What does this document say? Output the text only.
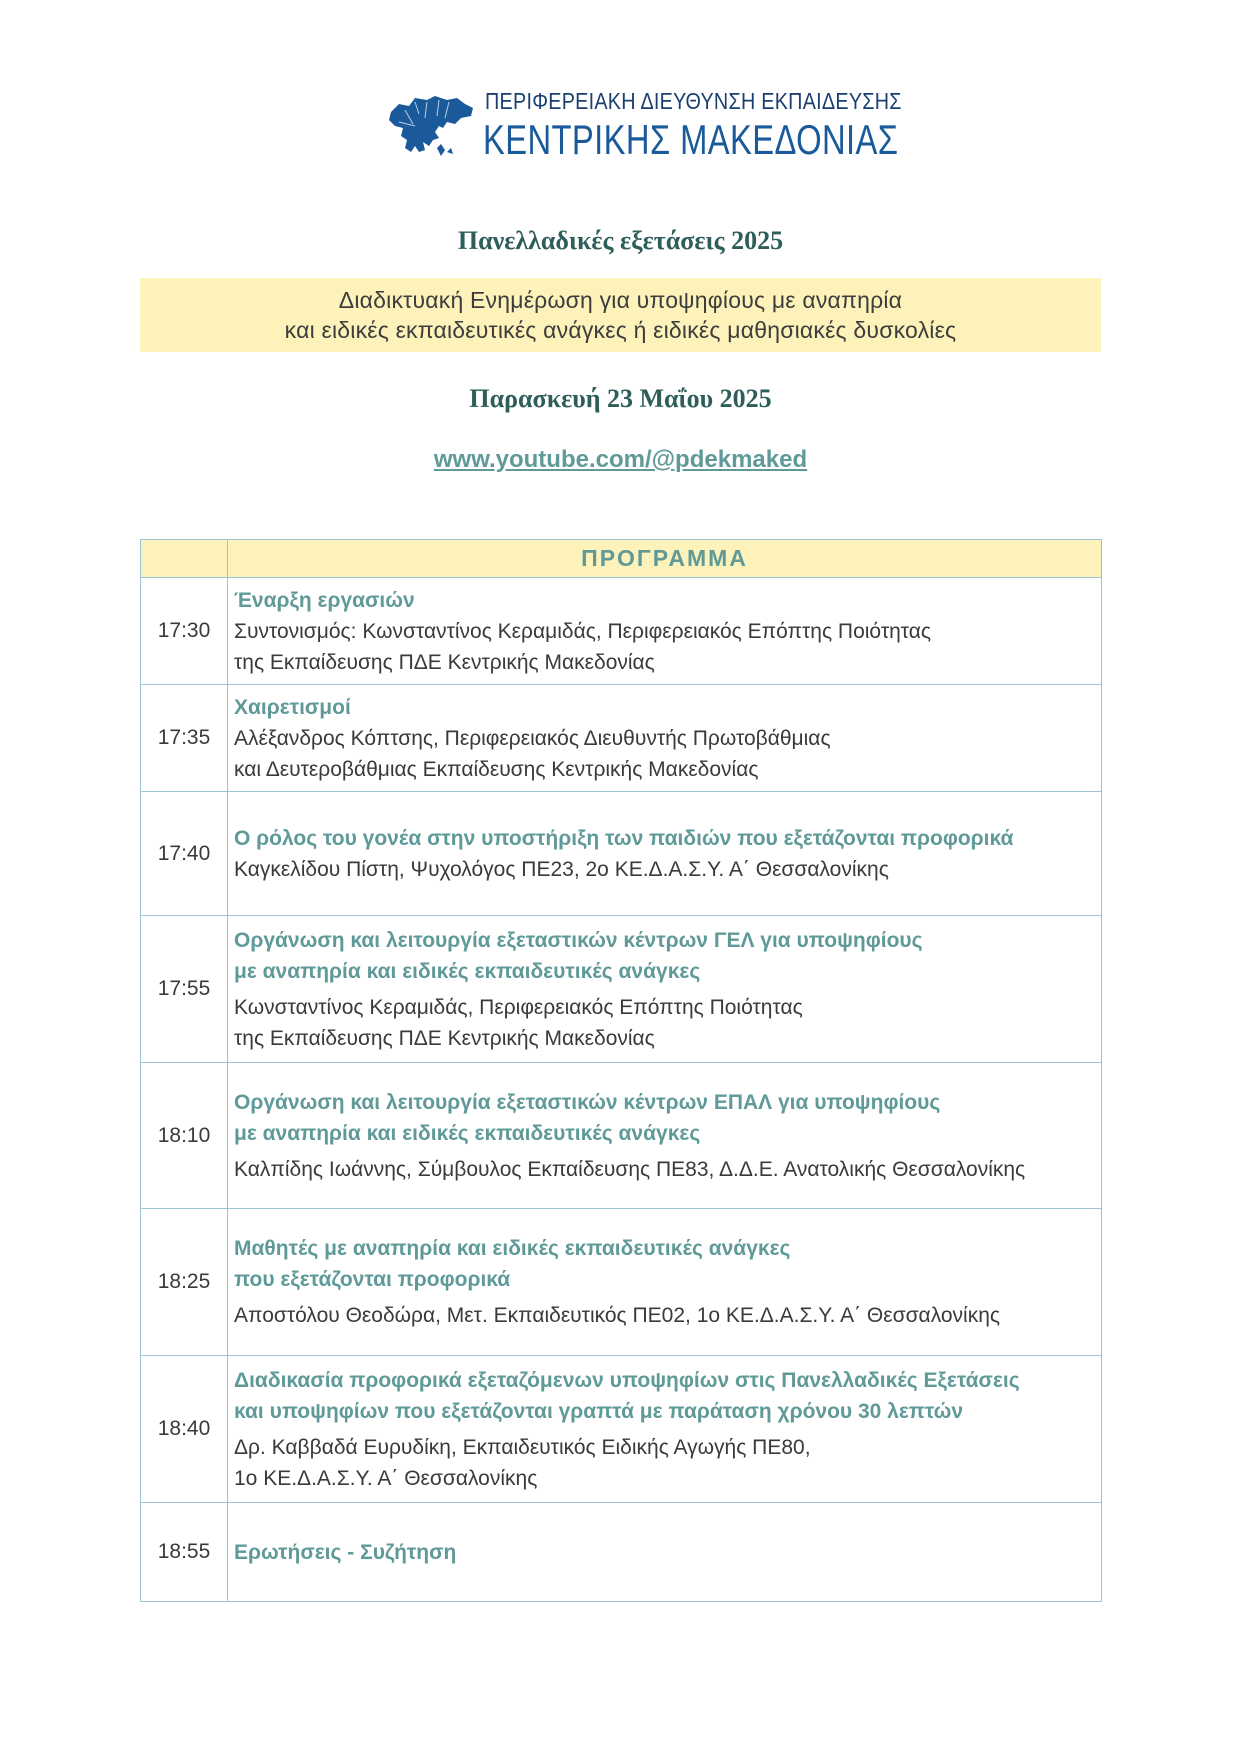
ΠΕΡΙΦΕΡΕΙΑΚΗ ΔΙΕΥΘΥΝΣΗ ΕΚΠΑΙΔΕΥΣΗΣ
ΚΕΝΤΡΙΚΗΣ ΜΑΚΕΔΟΝΙΑΣ
Πανελλαδικές εξετάσεις 2025
Διαδικτυακή Ενημέρωση για υποψηφίους με αναπηρία
και ειδικές εκπαιδευτικές ανάγκες ή ειδικές μαθησιακές δυσκολίες
Παρασκευή 23 Μαΐου 2025
www.youtube.com/@pdekmaked
	ΠΡΟΓΡΑΜΜΑ
17:30	Έναρξη εργασιών
Συντονισμός: Κωνσταντίνος Κεραμιδάς, Περιφερειακός Επόπτης Ποιότητας
της Εκπαίδευσης ΠΔΕ Κεντρικής Μακεδονίας

17:35	Χαιρετισμοί
Αλέξανδρος Κόπτσης, Περιφερειακός Διευθυντής Πρωτοβάθμιας
και Δευτεροβάθμιας Εκπαίδευσης Κεντρικής Μακεδονίας

17:40	Ο ρόλος του γονέα στην υποστήριξη των παιδιών που εξετάζονται προφορικά
Καγκελίδου Πίστη, Ψυχολόγος ΠΕ23, 2ο ΚΕ.Δ.Α.Σ.Υ. Α΄ Θεσσαλονίκης

17:55	Οργάνωση και λειτουργία εξεταστικών κέντρων ΓΕΛ για υποψηφίους
με αναπηρία και ειδικές εκπαιδευτικές ανάγκες
Κωνσταντίνος Κεραμιδάς, Περιφερειακός Επόπτης Ποιότητας
της Εκπαίδευσης ΠΔΕ Κεντρικής Μακεδονίας

18:10	Οργάνωση και λειτουργία εξεταστικών κέντρων ΕΠΑΛ για υποψηφίους
με αναπηρία και ειδικές εκπαιδευτικές ανάγκες
Καλπίδης Ιωάννης, Σύμβουλος Εκπαίδευσης ΠΕ83, Δ.Δ.Ε. Ανατολικής Θεσσαλονίκης

18:25	Μαθητές με αναπηρία και ειδικές εκπαιδευτικές ανάγκες
που εξετάζονται προφορικά
Αποστόλου Θεοδώρα, Μετ. Εκπαιδευτικός ΠΕ02, 1ο ΚΕ.Δ.Α.Σ.Υ. Α΄ Θεσσαλονίκης

18:40	Διαδικασία προφορικά εξεταζόμενων υποψηφίων στις Πανελλαδικές Εξετάσεις
και υποψηφίων που εξετάζονται γραπτά με παράταση χρόνου 30 λεπτών
Δρ. Καββαδά Ευρυδίκη, Εκπαιδευτικός Ειδικής Αγωγής ΠΕ80,
1ο ΚΕ.Δ.Α.Σ.Υ. Α΄ Θεσσαλονίκης

18:55	Ερωτήσεις - Συζήτηση
